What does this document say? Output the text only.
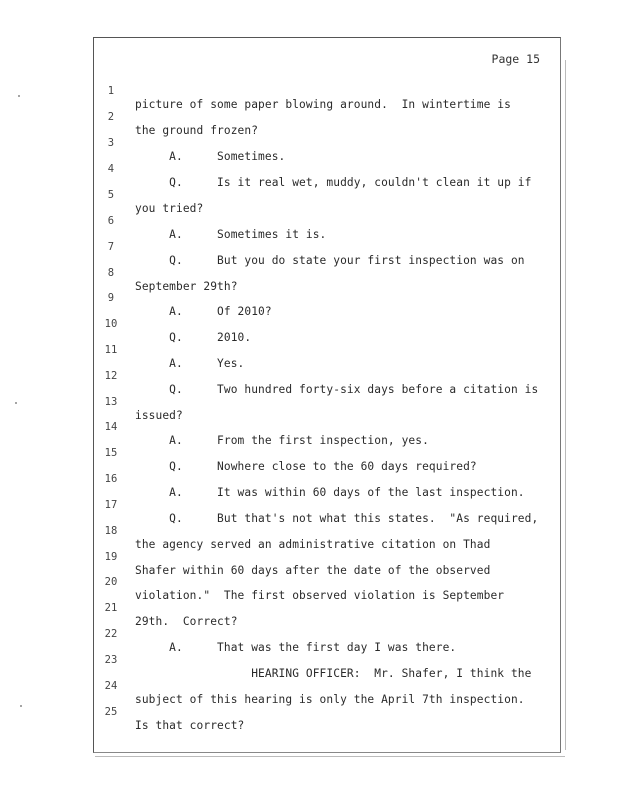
Page 15

1

picture of some paper blowing around.  In wintertime is

2

the ground frozen?

3

A.     Sometimes.

4

Q.     Is it real wet, muddy, couldn't clean it up if

5

you tried?

6

A.     Sometimes it is.

7

Q.     But you do state your first inspection was on

8

September 29th?

9

A.     Of 2010?

10

Q.     2010.

11

A.     Yes.

12

Q.     Two hundred forty-six days before a citation is

13

issued?

14

A.     From the first inspection, yes.

15

Q.     Nowhere close to the 60 days required?

16

A.     It was within 60 days of the last inspection.

17

Q.     But that's not what this states.  "As required,

18

the agency served an administrative citation on Thad

19

Shafer within 60 days after the date of the observed

20

violation."  The first observed violation is September

21

29th.  Correct?

22

A.     That was the first day I was there.

23

HEARING OFFICER:  Mr. Shafer, I think the

24

subject of this hearing is only the April 7th inspection.

25

Is that correct?
